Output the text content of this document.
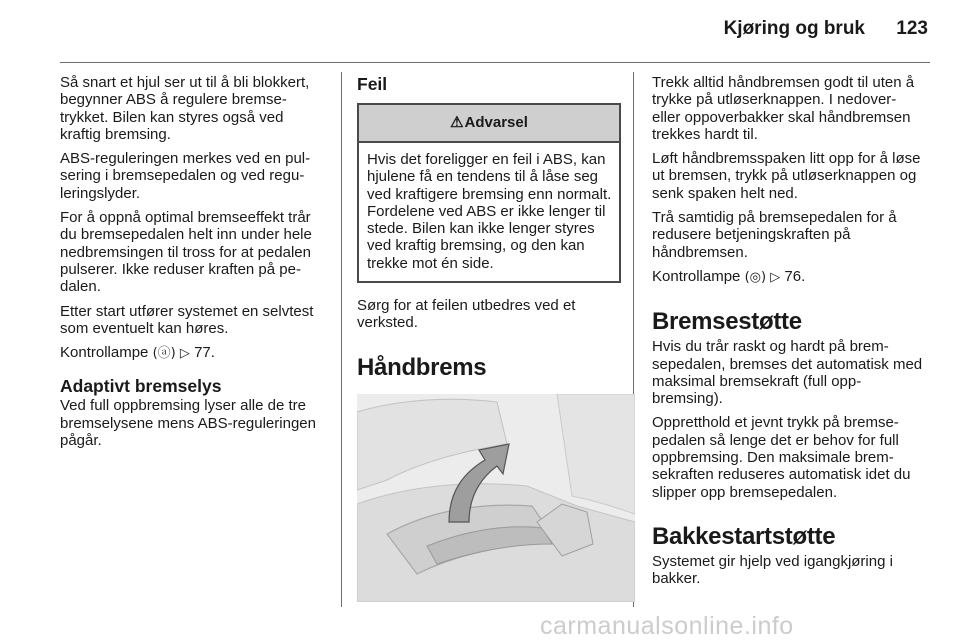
Kjøring og bruk	123

Så snart et hjul ser ut til å bli blokkert, begynner ABS å regulere bremsetrykket. Bilen kan styres også ved kraftig bremsing.

ABS-reguleringen merkes ved en pulsering i bremsepedalen og ved reguleringslyder.

For å oppnå optimal bremseeffekt trår du bremsepedalen helt inn under hele nedbremsingen til tross for at pedalen pulserer. Ikke reduser kraften på pedalen.

Etter start utfører systemet en selvtest som eventuelt kan høres.

Kontrollampe (ⓐ) ▷ 77.

Adaptivt bremselys

Ved full oppbremsing lyser alle de tre bremselysene mens ABS-reguleringen pågår.

Feil
⚠Advarsel
Hvis det foreligger en feil i ABS, kan hjulene få en tendens til å låse seg ved kraftigere bremsing enn normalt. Fordelene ved ABS er ikke lenger til stede. Bilen kan ikke lenger styres ved kraftig bremsing, og den kan trekke mot én side.

Sørg for at feilen utbedres ved et verksted.

Håndbrems

Trekk alltid håndbremsen godt til uten å trykke på utløserknappen. I nedover- eller oppoverbakker skal håndbremsen trekkes hardt til.

Løft håndbremsspaken litt opp for å løse ut bremsen, trykk på utløserknappen og senk spaken helt ned.

Trå samtidig på bremsepedalen for å redusere betjeningskraften på håndbremsen.

Kontrollampe (◎) ▷ 76.

Bremsestøtte

Hvis du trår raskt og hardt på bremsepedalen, bremses det automatisk med maksimal bremsekraft (full oppbremsing).

Oppretthold et jevnt trykk på bremsepedalen så lenge det er behov for full oppbremsing. Den maksimale bremsekraften reduseres automatisk idet du slipper opp bremsepedalen.

Bakkestartstøtte

Systemet gir hjelp ved igangkjøring i bakker.

carmanualsonline.info
